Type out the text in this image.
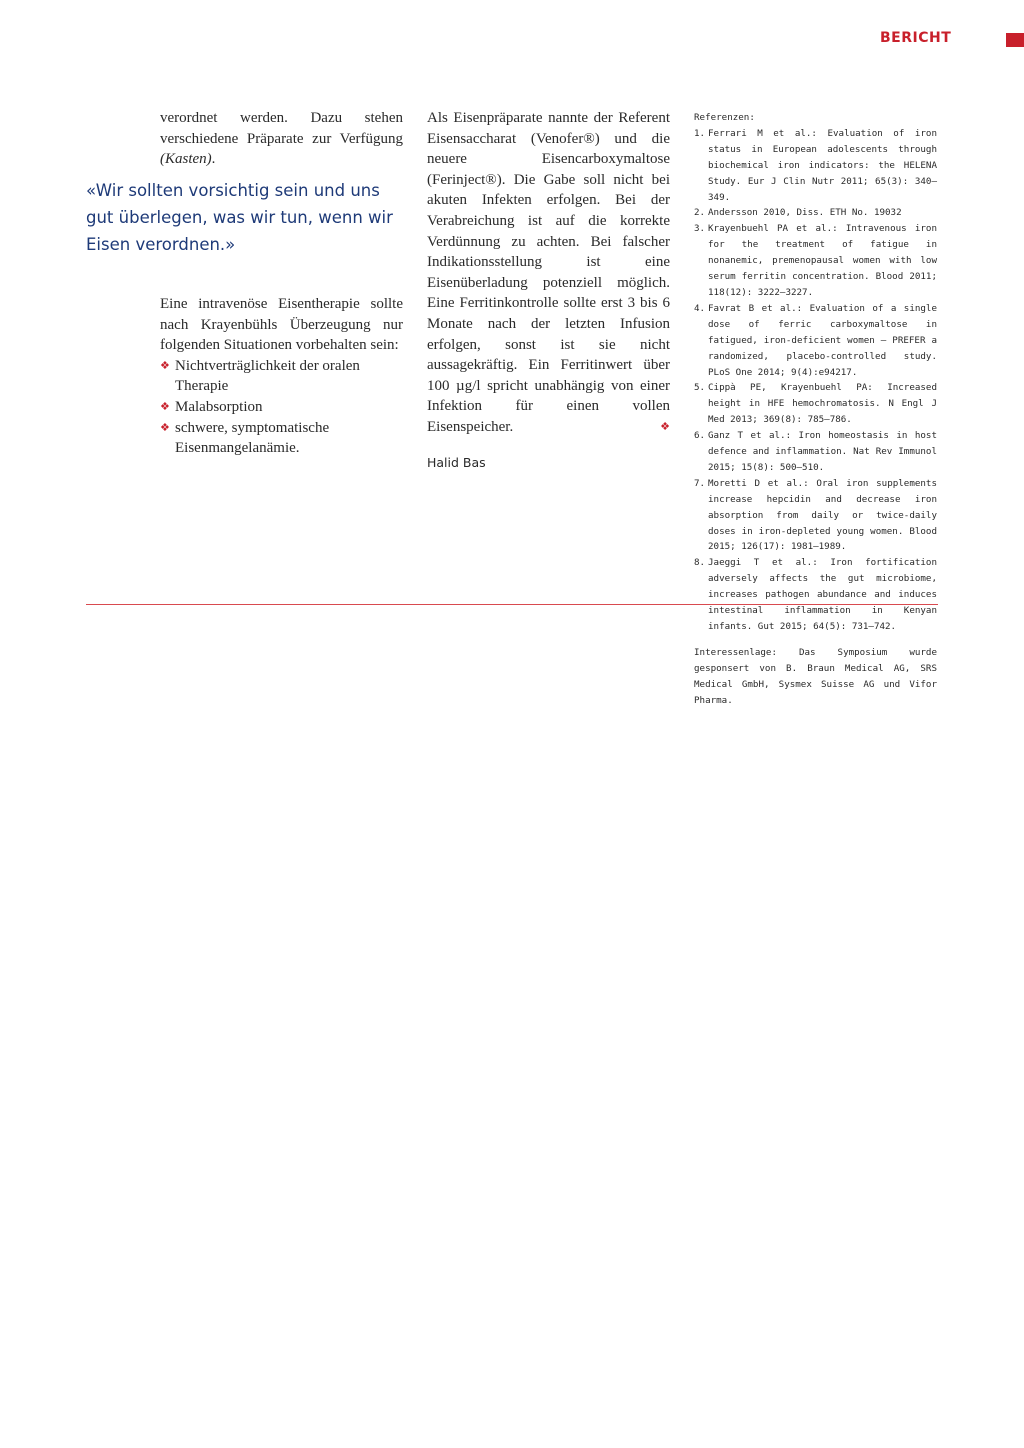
BERICHT

verordnet werden. Dazu stehen verschiedene Präparate zur Verfügung (Kasten).

Eine intravenöse Eisentherapie sollte nach Krayenbühls Überzeugung nur folgenden Situationen vorbehalten sein:

❖ Nichtverträglichkeit der oralen Therapie
❖ Malabsorption
❖ schwere, symptomatische Eisenmangelanämie.

«Wir sollten vorsichtig sein und uns gut überlegen, was wir tun, wenn wir Eisen verordnen.»

Als Eisenpräparate nannte der Referent Eisensaccharat (Venofer®) und die neuere Eisencarboxymaltose (Ferinject®). Die Gabe soll nicht bei akuten Infekten erfolgen. Bei der Verabreichung ist auf die korrekte Verdünnung zu achten. Bei falscher Indikationsstellung ist eine Eisenüberladung potenziell möglich. Eine Ferritinkontrolle sollte erst 3 bis 6 Monate nach der letzten Infusion erfolgen, sonst ist sie nicht aussagekräftig. Ein Ferritinwert über 100 µg/l spricht unabhängig von einer Infektion für einen vollen Eisenspeicher.	❖

Halid Bas

Referenzen:

1. Ferrari M et al.: Evaluation of iron status in European adolescents through biochemical iron indicators: the HELENA Study. Eur J Clin Nutr 2011; 65(3): 340–349.
2. Andersson 2010, Diss. ETH No. 19032
3. Krayenbuehl PA et al.: Intravenous iron for the treatment of fatigue in nonanemic, premenopausal women with low serum ferritin concentration. Blood 2011; 118(12): 3222–3227.
4. Favrat B et al.: Evaluation of a single dose of ferric carboxymaltose in fatigued, iron-deficient women — PREFER a randomized, placebo-controlled study. PLoS One 2014; 9(4):e94217.
5. Cippà PE, Krayenbuehl PA: Increased height in HFE hemochromatosis. N Engl J Med 2013; 369(8): 785–786.
6. Ganz T et al.: Iron homeostasis in host defence and inflammation. Nat Rev Immunol 2015; 15(8): 500–510.
7. Moretti D et al.: Oral iron supplements increase hepcidin and decrease iron absorption from daily or twice-daily doses in iron-depleted young women. Blood 2015; 126(17): 1981–1989.
8. Jaeggi T et al.: Iron fortification adversely affects the gut microbiome, increases pathogen abundance and induces intestinal inflammation in Kenyan infants. Gut 2015; 64(5): 731–742.

Interessenlage: Das Symposium wurde gesponsert von B. Braun Medical AG, SRS Medical GmbH, Sysmex Suisse AG und Vifor Pharma.
